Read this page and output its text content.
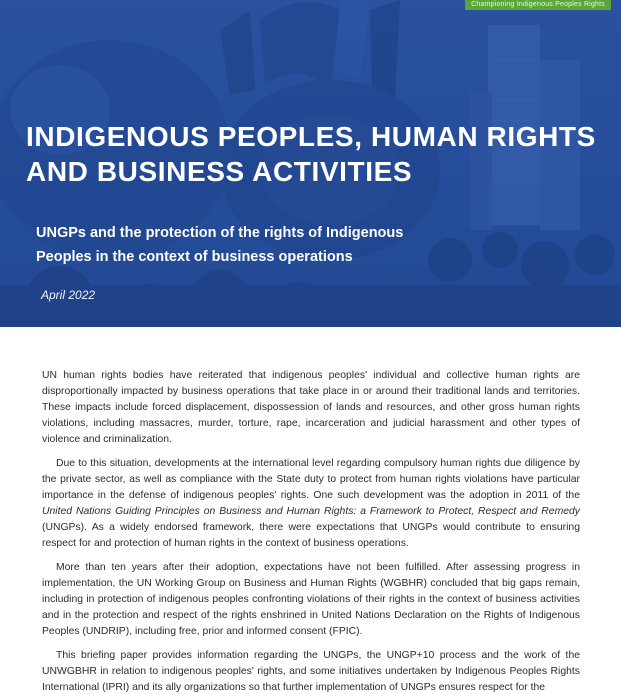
Championing Indigenous Peoples Rights
INDIGENOUS PEOPLES, HUMAN RIGHTS AND BUSINESS ACTIVITIES
UNGPs and the protection of the rights of Indigenous Peoples in the context of business operations
April 2022

UN human rights bodies have reiterated that indigenous peoples' individual and collective human rights are disproportionally impacted by business operations that take place in or around their traditional lands and territories. These impacts include forced displacement, dispossession of lands and resources, and other gross human rights violations, including massacres, murder, torture, rape, incarceration and judicial harassment and other types of violence and criminalization.

Due to this situation, developments at the international level regarding compulsory human rights due diligence by the private sector, as well as compliance with the State duty to protect from human rights violations have particular importance in the defense of indigenous peoples' rights. One such development was the adoption in 2011 of the United Nations Guiding Principles on Business and Human Rights: a Framework to Protect, Respect and Remedy (UNGPs). As a widely endorsed framework, there were expectations that UNGPs would contribute to ensuring respect for and protection of human rights in the context of business operations.

More than ten years after their adoption, expectations have not been fulfilled. After assessing progress in implementation, the UN Working Group on Business and Human Rights (WGBHR) concluded that big gaps remain, including in protection of indigenous peoples confronting violations of their rights in the context of business activities and in the protection and respect of the rights enshrined in United Nations Declaration on the Rights of Indigenous Peoples (UNDRIP), including free, prior and informed consent (FPIC).

This briefing paper provides information regarding the UNGPs, the UNGP+10 process and the work of the UNWGBHR in relation to indigenous peoples' rights, and some initiatives undertaken by Indigenous Peoples Rights International (IPRI) and its ally organizations so that further implementation of UNGPs ensures respect for the
